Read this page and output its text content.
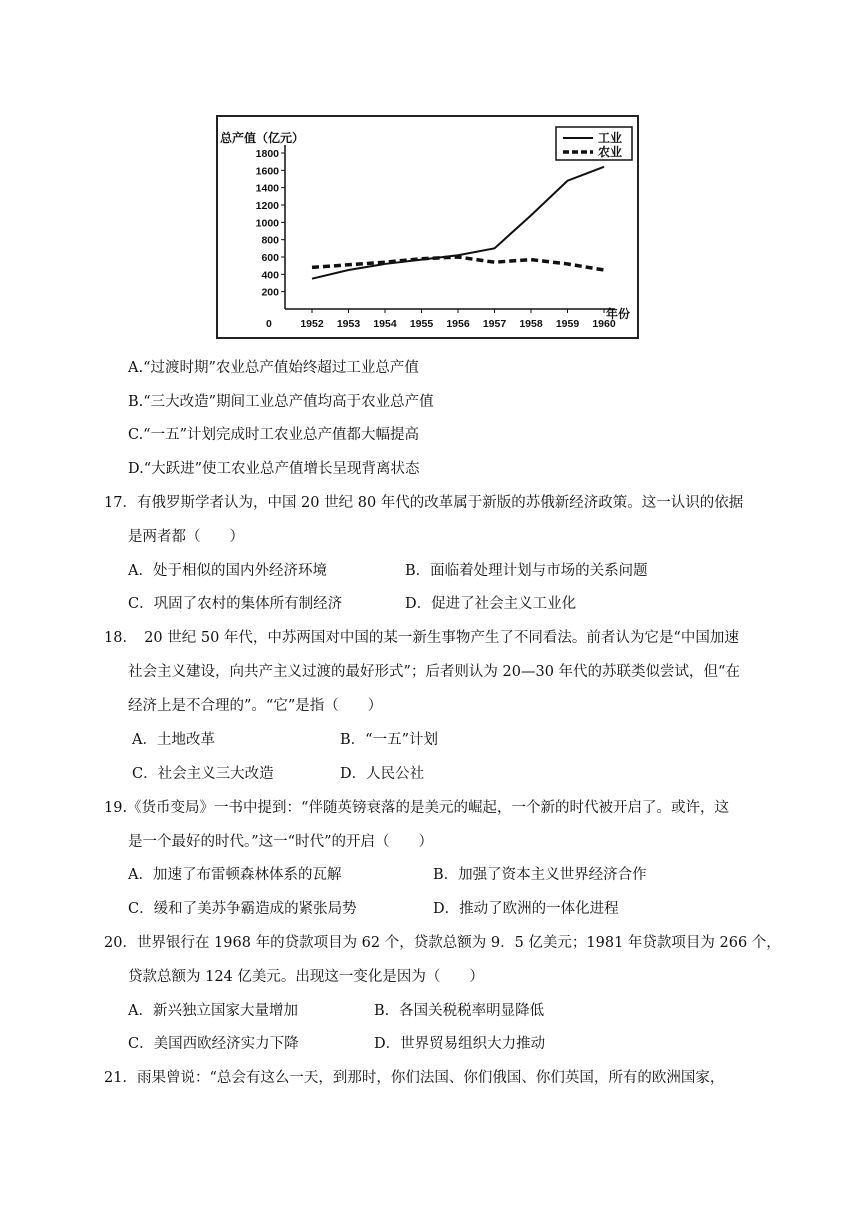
总产值（亿元）
年份
0
200
400
600
800
1000
1200
1400
1600
1800
1952 1953 1954 1955 1956 1957 1958 1959 1960
工业
农业
A.“过渡时期”农业总产值始终超过工业总产值
B.“三大改造”期间工业总产值均高于农业总产值
C.“一五”计划完成时工农业总产值都大幅提高
D.“大跃进”使工农业总产值增长呈现背离状态
17．有俄罗斯学者认为，中国 20 世纪 80 年代的改革属于新版的苏俄新经济政策。这一认识的依据
是两者都（　　）
A．处于相似的国内外经济环境	B．面临着处理计划与市场的关系问题
C．巩固了农村的集体所有制经济	D．促进了社会主义工业化
18．　20 世纪 50 年代，中苏两国对中国的某一新生事物产生了不同看法。前者认为它是“中国加速
社会主义建设，向共产主义过渡的最好形式”；后者则认为 20—30 年代的苏联类似尝试，但“在
经济上是不合理的”。“它”是指（　　）
A．土地改革	B．“一五”计划
C．社会主义三大改造	D．人民公社
19.《货币变局》一书中提到：“伴随英镑衰落的是美元的崛起，一个新的时代被开启了。或许，这
是一个最好的时代。”这一“时代”的开启（　　）
A．加速了布雷顿森林体系的瓦解	B．加强了资本主义世界经济合作
C．缓和了美苏争霸造成的紧张局势	D．推动了欧洲的一体化进程
20．世界银行在 1968 年的贷款项目为 62 个，贷款总额为 9．5 亿美元；1981 年贷款项目为 266 个，
贷款总额为 124 亿美元。出现这一变化是因为（　　）
A．新兴独立国家大量增加	B．各国关税税率明显降低
C．美国西欧经济实力下降	D．世界贸易组织大力推动
21．雨果曾说：“总会有这么一天，到那时，你们法国、你们俄国、你们英国，所有的欧洲国家，
